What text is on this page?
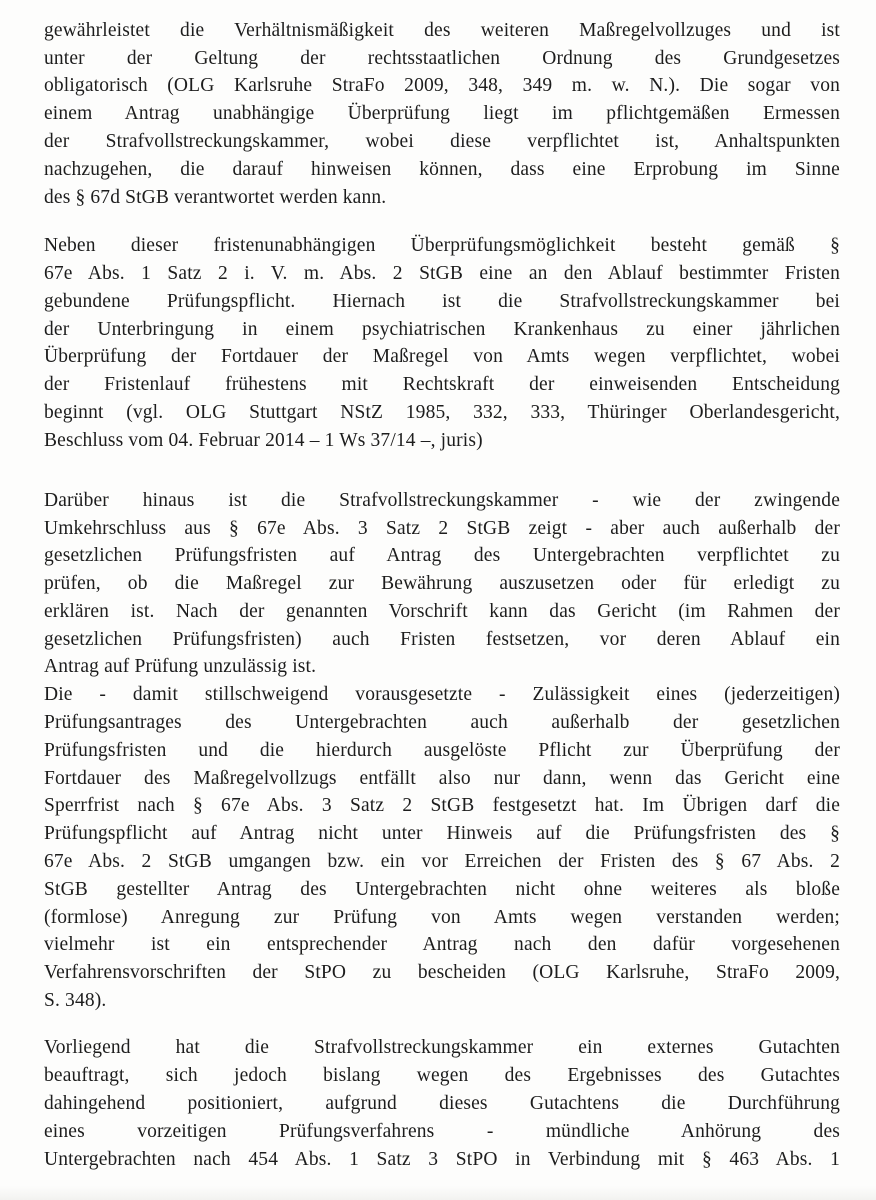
gewährleistet die Verhältnismäßigkeit des weiteren Maßregelvollzuges und ist
unter der Geltung der rechtsstaatlichen Ordnung des Grundgesetzes
obligatorisch (OLG Karlsruhe StraFo 2009, 348, 349 m. w. N.). Die sogar von
einem Antrag unabhängige Überprüfung liegt im pflichtgemäßen Ermessen
der Strafvollstreckungskammer, wobei diese verpflichtet ist, Anhaltspunkten
nachzugehen, die darauf hinweisen können, dass eine Erprobung im Sinne
des § 67d StGB verantwortet werden kann.
Neben dieser fristenunabhängigen Überprüfungsmöglichkeit besteht gemäß §
67e Abs. 1 Satz 2 i. V. m. Abs. 2 StGB eine an den Ablauf bestimmter Fristen
gebundene Prüfungspflicht. Hiernach ist die Strafvollstreckungskammer bei
der Unterbringung in einem psychiatrischen Krankenhaus zu einer jährlichen
Überprüfung der Fortdauer der Maßregel von Amts wegen verpflichtet, wobei
der Fristenlauf frühestens mit Rechtskraft der einweisenden Entscheidung
beginnt (vgl. OLG Stuttgart NStZ 1985, 332, 333, Thüringer Oberlandesgericht,
Beschluss vom 04. Februar 2014 – 1 Ws 37/14 –, juris)
Darüber hinaus ist die Strafvollstreckungskammer - wie der zwingende
Umkehrschluss aus § 67e Abs. 3 Satz 2 StGB zeigt - aber auch außerhalb der
gesetzlichen Prüfungsfristen auf Antrag des Untergebrachten verpflichtet zu
prüfen, ob die Maßregel zur Bewährung auszusetzen oder für erledigt zu
erklären ist. Nach der genannten Vorschrift kann das Gericht (im Rahmen der
gesetzlichen Prüfungsfristen) auch Fristen festsetzen, vor deren Ablauf ein
Antrag auf Prüfung unzulässig ist.
Die - damit stillschweigend vorausgesetzte - Zulässigkeit eines (jederzeitigen)
Prüfungsantrages des Untergebrachten auch außerhalb der gesetzlichen
Prüfungsfristen und die hierdurch ausgelöste Pflicht zur Überprüfung der
Fortdauer des Maßregelvollzugs entfällt also nur dann, wenn das Gericht eine
Sperrfrist nach § 67e Abs. 3 Satz 2 StGB festgesetzt hat. Im Übrigen darf die
Prüfungspflicht auf Antrag nicht unter Hinweis auf die Prüfungsfristen des §
67e Abs. 2 StGB umgangen bzw. ein vor Erreichen der Fristen des § 67 Abs. 2
StGB gestellter Antrag des Untergebrachten nicht ohne weiteres als bloße
(formlose) Anregung zur Prüfung von Amts wegen verstanden werden;
vielmehr ist ein entsprechender Antrag nach den dafür vorgesehenen
Verfahrensvorschriften der StPO zu bescheiden (OLG Karlsruhe, StraFo 2009,
S. 348).
Vorliegend hat die Strafvollstreckungskammer ein externes Gutachten
beauftragt, sich jedoch bislang wegen des Ergebnisses des Gutachtes
dahingehend positioniert, aufgrund dieses Gutachtens die Durchführung
eines vorzeitigen Prüfungsverfahrens - mündliche Anhörung des
Untergebrachten nach 454 Abs. 1 Satz 3 StPO in Verbindung mit § 463 Abs. 1
